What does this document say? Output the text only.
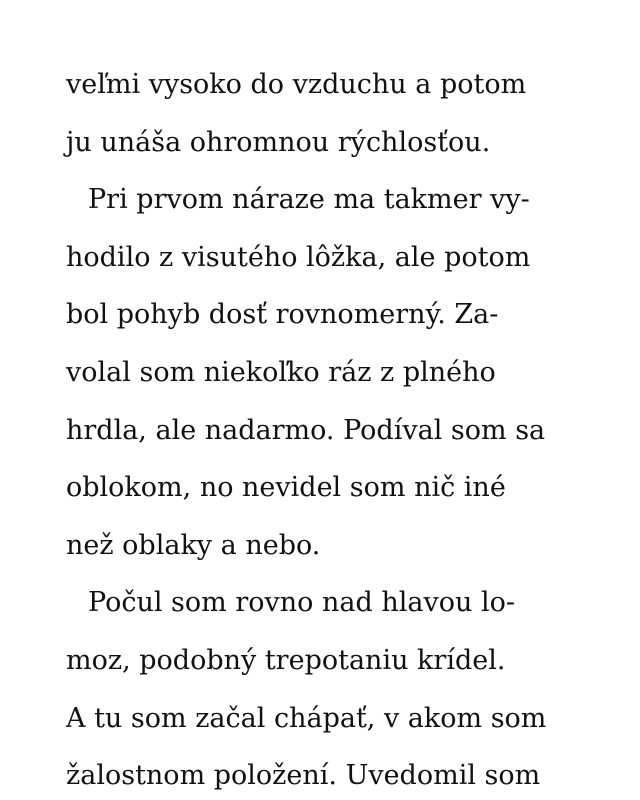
veľmi vysoko do vzduchu a potom
ju unáša ohromnou rýchlosťou.
Pri prvom náraze ma takmer vy-
hodilo z visutého lôžka, ale potom
bol pohyb dosť rovnomerný. Za-
volal som niekoľko ráz z plného
hrdla, ale nadarmo. Podíval som sa
oblokom, no nevidel som nič iné
než oblaky a nebo.
Počul som rovno nad hlavou lo-
moz, podobný trepotaniu krídel.
A tu som začal chápať, v akom som
žalostnom položení. Uvedomil som
